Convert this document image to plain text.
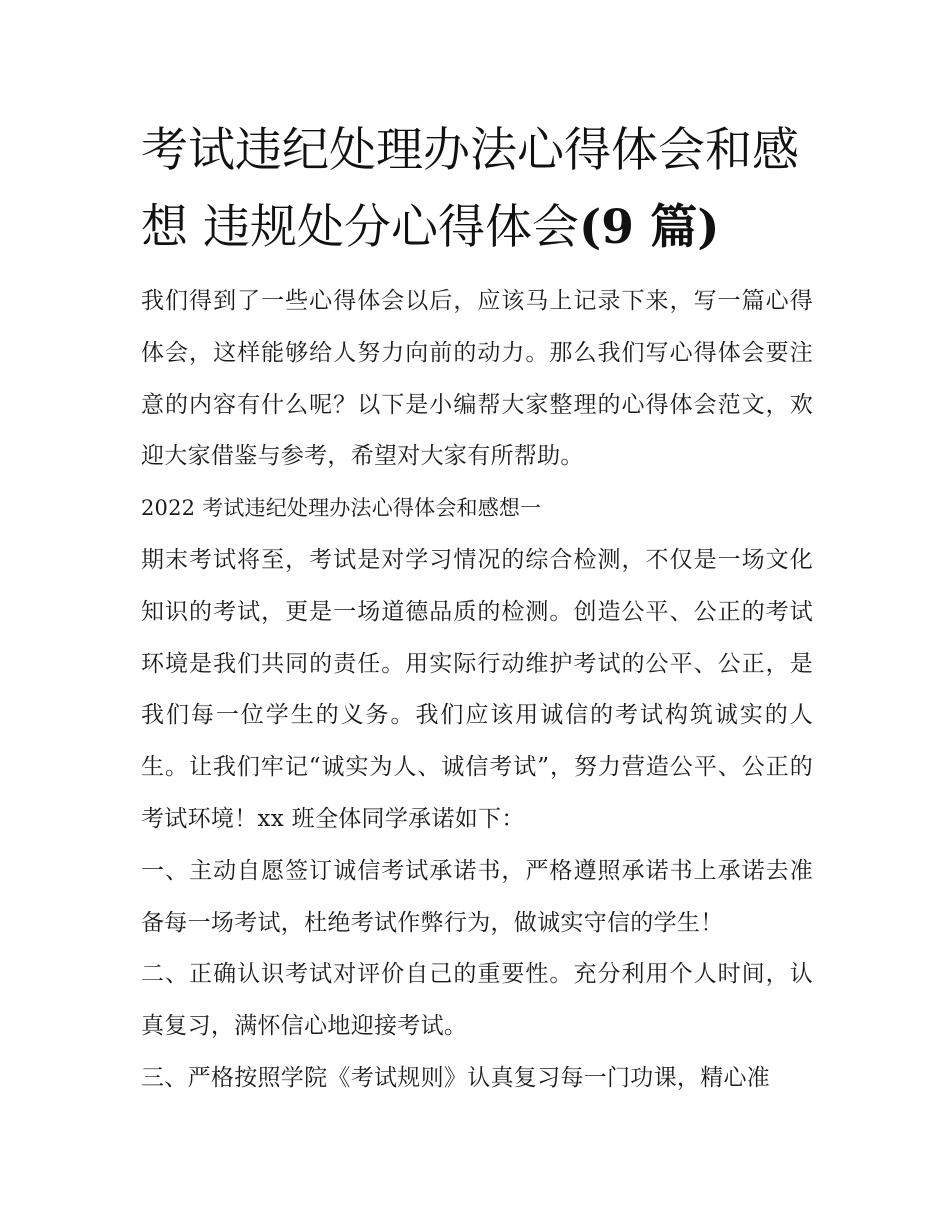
考试违纪处理办法心得体会和感想 违规处分心得体会(9 篇)

我们得到了一些心得体会以后，应该马上记录下来，写一篇心得体会，这样能够给人努力向前的动力。那么我们写心得体会要注意的内容有什么呢？以下是小编帮大家整理的心得体会范文，欢迎大家借鉴与参考，希望对大家有所帮助。

2022 考试违纪处理办法心得体会和感想一

期末考试将至，考试是对学习情况的综合检测，不仅是一场文化知识的考试，更是一场道德品质的检测。创造公平、公正的考试环境是我们共同的责任。用实际行动维护考试的公平、公正，是我们每一位学生的义务。我们应该用诚信的考试构筑诚实的人生。让我们牢记“诚实为人、诚信考试”，努力营造公平、公正的考试环境！xx 班全体同学承诺如下：

一、主动自愿签订诚信考试承诺书，严格遵照承诺书上承诺去准备每一场考试，杜绝考试作弊行为，做诚实守信的学生！

二、正确认识考试对评价自己的重要性。充分利用个人时间，认真复习，满怀信心地迎接考试。

三、严格按照学院《考试规则》认真复习每一门功课，精心准
